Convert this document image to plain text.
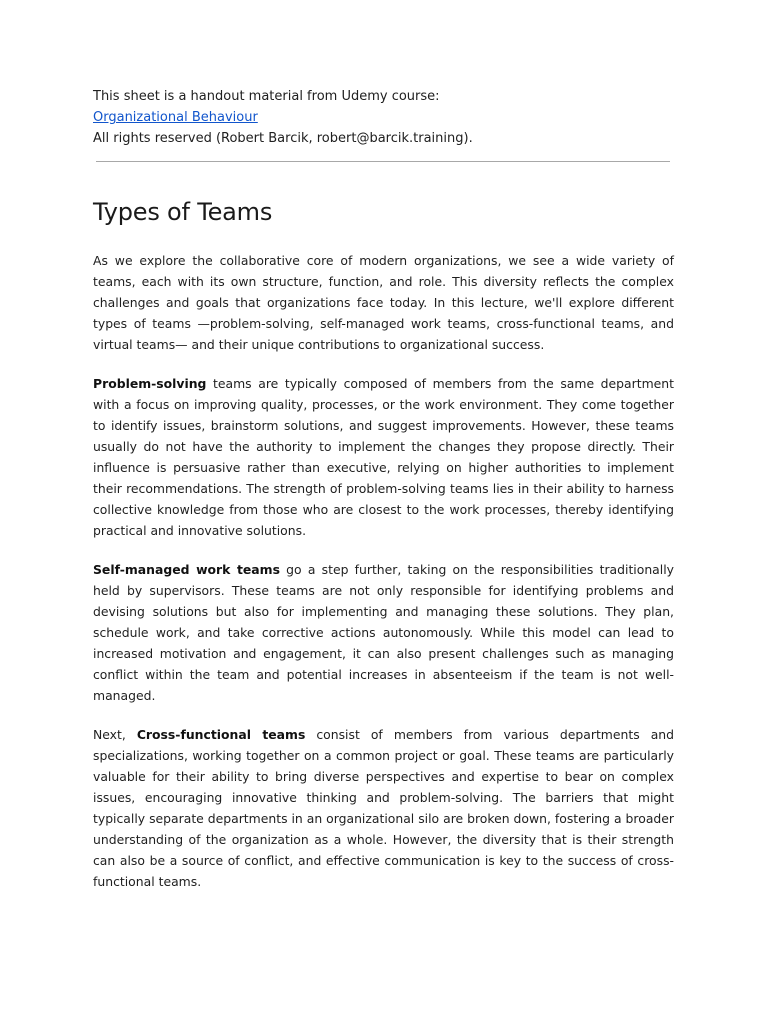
This sheet is a handout material from Udemy course:
Organizational Behaviour
All rights reserved (Robert Barcik, robert@barcik.training).
Types of Teams

As we explore the collaborative core of modern organizations, we see a wide variety of teams, each with its own structure, function, and role. This diversity reflects the complex challenges and goals that organizations face today. In this lecture, we'll explore different types of teams —problem-solving, self-managed work teams, cross-functional teams, and virtual teams— and their unique contributions to organizational success.

Problem-solving teams are typically composed of members from the same department with a focus on improving quality, processes, or the work environment. They come together to identify issues, brainstorm solutions, and suggest improvements. However, these teams usually do not have the authority to implement the changes they propose directly. Their influence is persuasive rather than executive, relying on higher authorities to implement their recommendations. The strength of problem-solving teams lies in their ability to harness collective knowledge from those who are closest to the work processes, thereby identifying practical and innovative solutions.

Self-managed work teams go a step further, taking on the responsibilities traditionally held by supervisors. These teams are not only responsible for identifying problems and devising solutions but also for implementing and managing these solutions. They plan, schedule work, and take corrective actions autonomously. While this model can lead to increased motivation and engagement, it can also present challenges such as managing conflict within the team and potential increases in absenteeism if the team is not well-managed.

Next, Cross-functional teams consist of members from various departments and specializations, working together on a common project or goal. These teams are particularly valuable for their ability to bring diverse perspectives and expertise to bear on complex issues, encouraging innovative thinking and problem-solving. The barriers that might typically separate departments in an organizational silo are broken down, fostering a broader understanding of the organization as a whole. However, the diversity that is their strength can also be a source of conflict, and effective communication is key to the success of cross-functional teams.
